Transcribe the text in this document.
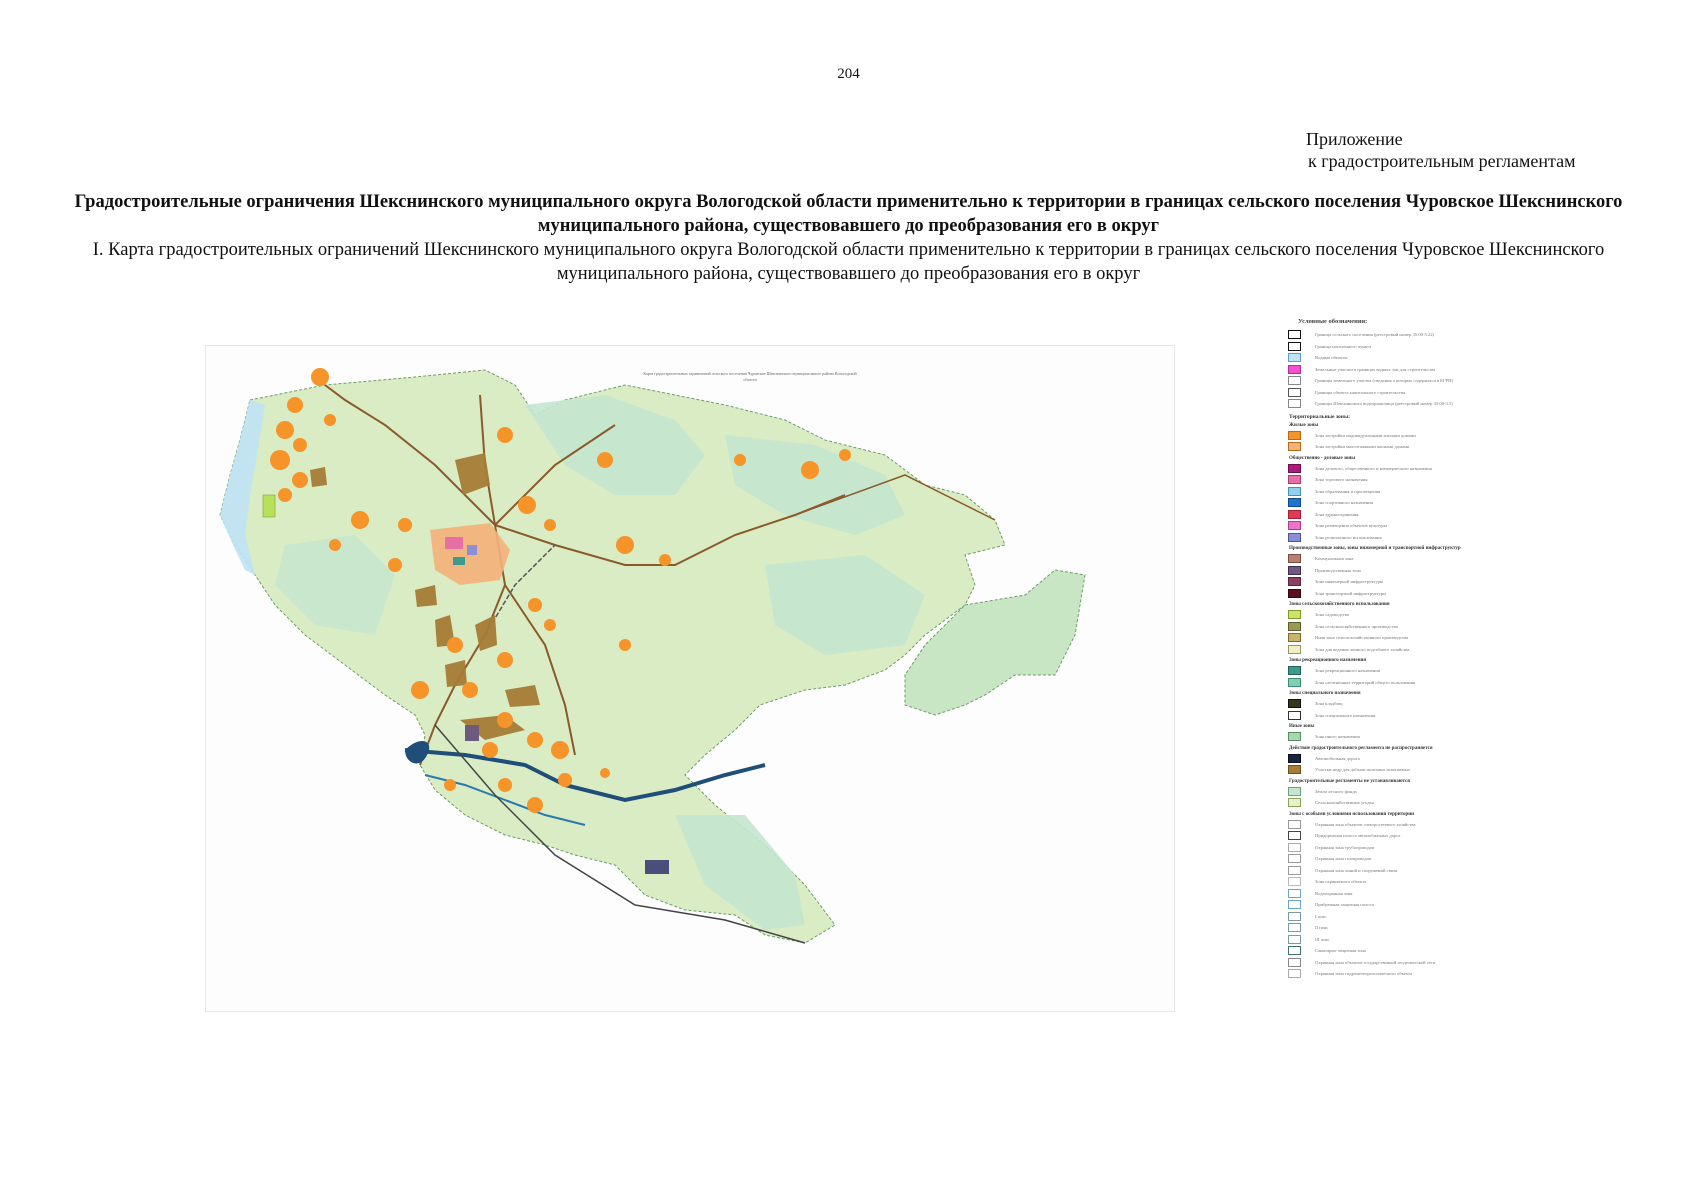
204
Приложение
к градостроительным регламентам
Градостроительные ограничения Шекснинского муниципального округа Вологодской области применительно к территории в границах сельского поселения Чуровское Шекснинского муниципального района, существовавшего до преобразования его в округ
I. Карта градостроительных ограничений Шекснинского муниципального округа Вологодской области применительно к территории в границах сельского поселения Чуровское Шекснинского муниципального района, существовавшего до преобразования его в округ
Карта градостроительных ограничений сельского поселения Чуровское Шекснинского муниципального района Вологодской области
Условные обозначения:
Граница сельского поселения (реестровый номер 35:00-5.22)
Граница населенного пункта
Водные объекты
Земельные участки в границах водных зон для строительства
Границы земельного участка (сведения о которых содержатся в ЕГРН)
Границы объекта капитального строительства
Границы Шекснинского водохранилища (реестровый номер 35:00-3.5)
Территориальные зоны:
Жилые зоны
Зона застройки индивидуальными жилыми домами
Зона застройки малоэтажными жилыми домами
Общественно - деловые зоны
Зона делового, общественного и коммерческого назначения
Зона торгового назначения
Зона образования и просвещения
Зона спортивного назначения
Зона здравоохранения
Зона размещения объектов культуры
Зона религиозного использования
Производственные зоны, зоны инженерной и транспортной инфраструктур
Коммунальная зона
Производственная зона
Зона инженерной инфраструктуры
Зона транспортной инфраструктуры
Зоны сельскохозяйственного использования
Зона садоводства
Зона сельскохозяйственного производства
Иная зона сельскохозяйственного производства
Зона для ведения личного подсобного хозяйства
Зоны рекреационного назначения
Зона рекреационного назначения
Зона озелененных территорий общего пользования
Зоны специального назначения
Зона кладбищ
Зона специального назначения
Иные зоны
Зона иного назначения
Действие градостроительного регламента не распространяется
Автомобильная дорога
Участки недр для добычи полезных ископаемых
Градостроительные регламенты не устанавливаются
Земли лесного фонда
Сельскохозяйственные угодья
Зоны с особыми условиями использования территории
Охранная зона объектов электросетевого хозяйства
Придорожная полоса автомобильных дорог
Охранная зона трубопроводов
Охранная зона газопроводов
Охранная зона линий и сооружений связи
Зона охраняемого объекта
Водоохранная зона
Прибрежная защитная полоса
I пояс
II пояс
III пояс
Санитарно-защитная зона
Охранная зона объектов государственной геодезической сети
Охранная зона гидрометеорологического объекта
